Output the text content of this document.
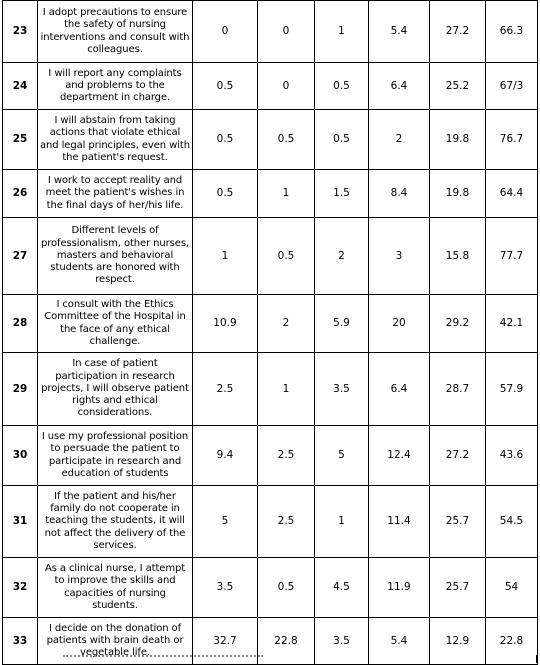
23	I adopt precautions to ensure the safety of nursing interventions and consult with colleagues.	0	0	1	5.4	27.2	66.3
24	I will report any complaints and problems to the department in charge.	0.5	0	0.5	6.4	25.2	67/3
25	I will abstain from taking actions that violate ethical and legal principles, even with the patient's request.	0.5	0.5	0.5	2	19.8	76.7
26	I work to accept reality and meet the patient's wishes in the final days of her/his life.	0.5	1	1.5	8.4	19.8	64.4
27	Different levels of professionalism, other nurses, masters and behavioral students are honored with respect.	1	0.5	2	3	15.8	77.7
28	I consult with the Ethics Committee of the Hospital in the face of any ethical challenge.	10.9	2	5.9	20	29.2	42.1
29	In case of patient participation in research projects, I will observe patient rights and ethical considerations.	2.5	1	3.5	6.4	28.7	57.9
30	I use my professional position to persuade the patient to participate in research and education of students	9.4	2.5	5	12.4	27.2	43.6
31	If the patient and his/her family do not cooperate in teaching the students, it will not affect the delivery of the services.	5	2.5	1	11.4	25.7	54.5
32	As a clinical nurse, I attempt to improve the skills and capacities of nursing students.	3.5	0.5	4.5	11.9	25.7	54
33	I decide on the donation of patients with brain death or vegetable life.	32.7	22.8	3.5	5.4	12.9	22.8
